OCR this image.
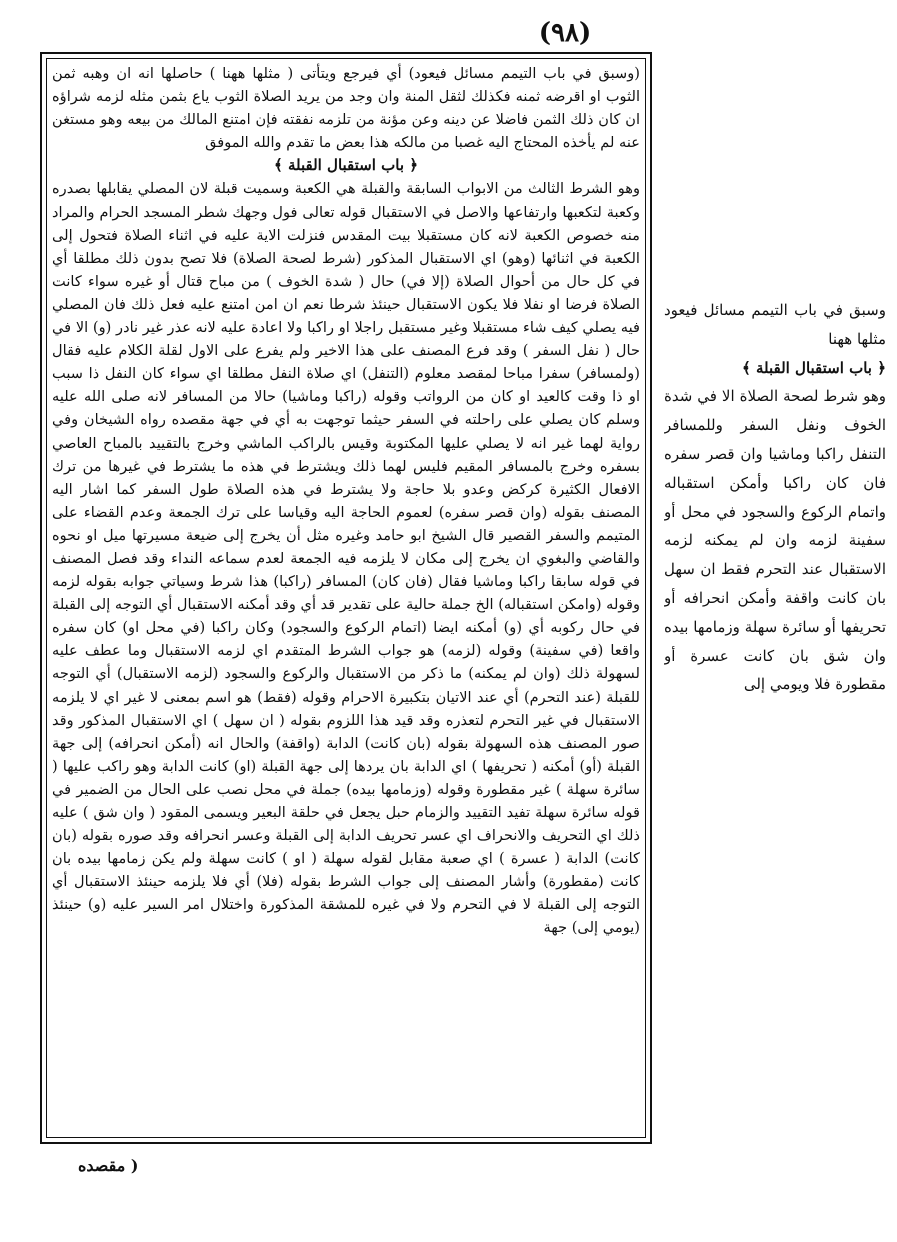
(٩٨)

(وسبق في باب التيمم مسائل فيعود) أي فيرجع ويتأتى ( مثلها ههنا ) حاصلها انه ان وهبه ثمن الثوب او اقرضه ثمنه فكذلك لثقل المنة وان وجد من يريد الصلاة الثوب ياع بثمن مثله لزمه شراؤه ان كان ذلك الثمن فاضلا عن دينه وعن مؤنة من تلزمه نفقته فإن امتنع المالك من بيعه وهو مستغن عنه لم يأخذه المحتاج اليه غصبا من مالكه هذا بعض ما تقدم والله الموفق

﴿ باب استقبال القبلة ﴾

وهو الشرط الثالث من الابواب السابقة والقبلة هي الكعبة وسميت قبلة لان المصلي يقابلها بصدره وكعبة لتكعبها وارتفاعها والاصل في الاستقبال قوله تعالى فول وجهك شطر المسجد الحرام والمراد منه خصوص الكعبة لانه كان مستقبلا بيت المقدس فنزلت الاية عليه في اثناء الصلاة فتحول إلى الكعبة في اثنائها (وهو) اي الاستقبال المذكور (شرط لصحة الصلاة) فلا تصح بدون ذلك مطلقا أي في كل حال من أحوال الصلاة (إلا في) حال ( شدة الخوف ) من مباح قتال أو غيره سواء كانت الصلاة فرضا او نفلا فلا يكون الاستقبال حينئذ شرطا نعم ان امن امتنع عليه فعل ذلك فان المصلي فيه يصلي كيف شاء مستقبلا وغير مستقبل راجلا او راكبا ولا اعادة عليه لانه عذر غير نادر (و) الا في حال ( نفل السفر ) وقد فرع المصنف على هذا الاخير ولم يفرع على الاول لقلة الكلام عليه فقال (ولمسافر) سفرا مباحا لمقصد معلوم (التنفل) اي صلاة النفل مطلقا اي سواء كان النفل ذا سبب او ذا وقت كالعيد او كان من الرواتب وقوله (راكبا وماشيا) حالا من المسافر لانه صلى الله عليه وسلم كان يصلي على راحلته في السفر حيثما توجهت به أي في جهة مقصده رواه الشيخان وفي رواية لهما غير انه لا يصلي عليها المكتوبة وقيس بالراكب الماشي وخرج بالتقييد بالمباح العاصي بسفره وخرج بالمسافر المقيم فليس لهما ذلك ويشترط في هذه ما يشترط في غيرها من ترك الافعال الكثيرة كركض وعدو بلا حاجة ولا يشترط في هذه الصلاة طول السفر كما اشار اليه المصنف بقوله (وان قصر سفره) لعموم الحاجة اليه وقياسا على ترك الجمعة وعدم القضاء على المتيمم والسفر القصير قال الشيخ ابو حامد وغيره مثل أن يخرج إلى ضيعة مسيرتها ميل او نحوه والقاضي والبغوي ان يخرج إلى مكان لا يلزمه فيه الجمعة لعدم سماعه النداء وقد فصل المصنف في قوله سابقا راكبا وماشيا فقال (فان كان) المسافر (راكبا) هذا شرط وسياتي جوابه بقوله لزمه وقوله (وامكن استقباله) الخ جملة حالية على تقدير قد أي وقد أمكنه الاستقبال أي التوجه إلى القبلة في حال ركوبه أي (و) أمكنه ايضا (اتمام الركوع والسجود) وكان راكبا (في محل او) كان سفره واقعا (في سفينة) وقوله (لزمه) هو جواب الشرط المتقدم اي لزمه الاستقبال وما عطف عليه لسهولة ذلك (وان لم يمكنه) ما ذكر من الاستقبال والركوع والسجود (لزمه الاستقبال) أي التوجه للقبلة (عند التحرم) أي عند الاتيان بتكبيرة الاحرام وقوله (فقط) هو اسم بمعنى لا غير اي لا يلزمه الاستقبال في غير التحرم لتعذره وقد قيد هذا اللزوم بقوله ( ان سهل ) اي الاستقبال المذكور وقد صور المصنف هذه السهولة بقوله (بان كانت) الدابة (واقفة) والحال انه (أمكن انحرافه) إلى جهة القبلة (أو) أمكنه ( تحريفها ) اي الدابة بان يردها إلى جهة القبلة (او) كانت الدابة وهو راكب عليها ( سائرة سهلة ) غير مقطورة وقوله (وزمامها بيده) جملة في محل نصب على الحال من الضمير في قوله سائرة سهلة تفيد التقييد والزمام حبل يجعل في حلقة البعير ويسمى المقود ( وان شق ) عليه ذلك اي التحريف والانحراف اي عسر تحريف الدابة إلى القبلة وعسر انحرافه وقد صوره بقوله (بان كانت) الدابة ( عسرة ) اي صعبة مقابل لقوله سهلة ( او ) كانت سهلة ولم يكن زمامها بيده بان كانت (مقطورة) وأشار المصنف إلى جواب الشرط بقوله (فلا) أي فلا يلزمه حينئذ الاستقبال أي التوجه إلى القبلة لا في التحرم ولا في غيره للمشقة المذكورة واختلال امر السير عليه (و) حينئذ (يومي إلى) جهة

وسبق في باب التيمم مسائل فيعود مثلها ههنا

﴿ باب استقبال القبلة ﴾

وهو شرط لصحة الصلاة الا في شدة الخوف ونفل السفر وللمسافر التنفل راكبا وماشيا وان قصر سفره فان كان راكبا وأمكن استقباله واتمام الركوع والسجود في محل أو سفينة لزمه وان لم يمكنه لزمه الاستقبال عند التحرم فقط ان سهل بان كانت واقفة وأمكن انحرافه أو تحريفها أو سائرة سهلة وزمامها بيده وان شق بان كانت عسرة أو مقطورة فلا ويومي إلى

( مقصده
